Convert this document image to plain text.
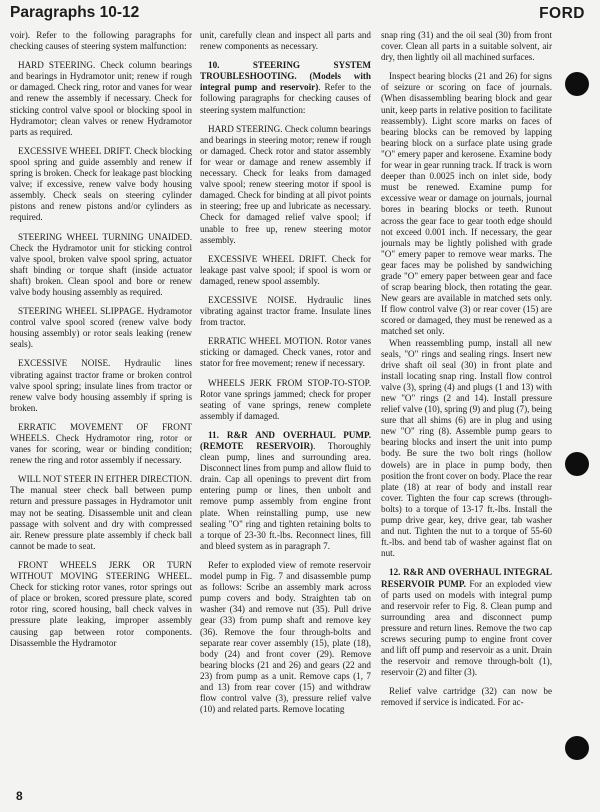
Paragraphs 10-12	FORD

voir). Refer to the following paragraphs for checking causes of steering system malfunction:

HARD STEERING. Check column bearings and bearings in Hydramotor unit; renew if rough or damaged. Check ring, rotor and vanes for wear and renew the assembly if necessary. Check for sticking control valve spool or blocking spool in Hydramotor; clean valves or renew Hydramotor parts as required.

EXCESSIVE WHEEL DRIFT. Check blocking spool spring and guide assembly and renew if spring is broken. Check for leakage past blocking valve; if excessive, renew valve body housing assembly. Check seals on steering cylinder pistons and renew pistons and/or cylinders as required.

STEERING WHEEL TURNING UNAIDED. Check the Hydramotor unit for sticking control valve spool, broken valve spool spring, actuator shaft binding or torque shaft (inside actuator shaft) broken. Clean spool and bore or renew valve body housing assembly as required.

STEERING WHEEL SLIPPAGE. Hydramotor control valve spool scored (renew valve body housing assembly) or rotor seals leaking (renew seals).

EXCESSIVE NOISE. Hydraulic lines vibrating against tractor frame or broken control valve spool spring; insulate lines from tractor or renew valve body housing assembly if spring is broken.

ERRATIC MOVEMENT OF FRONT WHEELS. Check Hydramotor ring, rotor or vanes for scoring, wear or binding condition; renew the ring and rotor assembly if necessary.

WILL NOT STEER IN EITHER DIRECTION. The manual steer check ball between pump return and pressure passages in Hydramotor unit may not be seating. Disassemble unit and clean passage with solvent and dry with compressed air. Renew pressure plate assembly if check ball cannot be made to seat.

FRONT WHEELS JERK OR TURN WITHOUT MOVING STEERING WHEEL. Check for sticking rotor vanes, rotor springs out of place or broken, scored pressure plate, scored rotor ring, scored housing, ball check valves in pressure plate leaking, improper assembly causing gap between rotor components. Disassemble the Hydramotor

unit, carefully clean and inspect all parts and renew components as necessary.

10. STEERING SYSTEM TROUBLESHOOTING. (Models with integral pump and reservoir). Refer to the following paragraphs for checking causes of steering system malfunction:

HARD STEERING. Check column bearings and bearings in steering motor; renew if rough or damaged. Check rotor and stator assembly for wear or damage and renew assembly if necessary. Check for leaks from damaged valve spool; renew steering motor if spool is damaged. Check for binding at all pivot points in steering; free up and lubricate as necessary. Check for damaged relief valve spool; if unable to free up, renew steering motor assembly.

EXCESSIVE WHEEL DRIFT. Check for leakage past valve spool; if spool is worn or damaged, renew spool assembly.

EXCESSIVE NOISE. Hydraulic lines vibrating against tractor frame. Insulate lines from tractor.

ERRATIC WHEEL MOTION. Rotor vanes sticking or damaged. Check vanes, rotor and stator for free movement; renew if necessary.

WHEELS JERK FROM STOP-TO-STOP. Rotor vane springs jammed; check for proper seating of vane springs, renew complete assembly if damaged.

11. R&R AND OVERHAUL PUMP. (REMOTE RESERVOIR). Thoroughly clean pump, lines and surrounding area. Disconnect lines from pump and allow fluid to drain. Cap all openings to prevent dirt from entering pump or lines, then unbolt and remove pump assembly from engine front plate. When reinstalling pump, use new sealing "O" ring and tighten retaining bolts to a torque of 23-30 ft.-lbs. Reconnect lines, fill and bleed system as in paragraph 7.

Refer to exploded view of remote reservoir model pump in Fig. 7 and disassemble pump as follows: Scribe an assembly mark across pump covers and body. Straighten tab on washer (34) and remove nut (35). Pull drive gear (33) from pump shaft and remove key (36). Remove the four through-bolts and separate rear cover assembly (15), plate (18), body (24) and front cover (29). Remove bearing blocks (21 and 26) and gears (22 and 23) from pump as a unit. Remove caps (1, 7 and 13) from rear cover (15) and withdraw flow control valve (3), pressure relief valve (10) and related parts. Remove locating

snap ring (31) and the oil seal (30) from front cover. Clean all parts in a suitable solvent, air dry, then lightly oil all machined surfaces.

Inspect bearing blocks (21 and 26) for signs of seizure or scoring on face of journals. (When disassembling bearing block and gear unit, keep parts in relative position to facilitate reassembly). Light score marks on faces of bearing blocks can be removed by lapping bearing block on a surface plate using grade "O" emery paper and kerosene. Examine body for wear in gear running track. If track is worn deeper than 0.0025 inch on inlet side, body must be renewed. Examine pump for excessive wear or damage on journals, journal bores in bearing blocks or teeth. Runout across the gear face to gear tooth edge should not exceed 0.001 inch. If necessary, the gear journals may be lightly polished with grade "O" emery paper to remove wear marks. The gear faces may be polished by sandwiching grade "O" emery paper between gear and face of scrap bearing block, then rotating the gear. New gears are available in matched sets only. If flow control valve (3) or rear cover (15) are scored or damaged, they must be renewed as a matched set only.

When reassembling pump, install all new seals, "O" rings and sealing rings. Insert new drive shaft oil seal (30) in front plate and install locating snap ring. Install flow control valve (3), spring (4) and plugs (1 and 13) with new "O" rings (2 and 14). Install pressure relief valve (10), spring (9) and plug (7), being sure that all shims (6) are in plug and using new "O" ring (8). Assemble pump gears to bearing blocks and insert the unit into pump body. Be sure the two bolt rings (hollow dowels) are in place in pump body, then position the front cover on body. Place the rear plate (18) at rear of body and install rear cover. Tighten the four cap screws (through-bolts) to a torque of 13-17 ft.-lbs. Install the pump drive gear, key, drive gear, tab washer and nut. Tighten the nut to a torque of 55-60 ft.-lbs. and bend tab of washer against flat on nut.

12. R&R AND OVERHAUL INTEGRAL RESERVOIR PUMP. For an exploded view of parts used on models with integral pump and reservoir refer to Fig. 8. Clean pump and surrounding area and disconnect pump pressure and return lines. Remove the two cap screws securing pump to engine front cover and lift off pump and reservoir as a unit. Drain the reservoir and remove through-bolt (1), reservoir (2) and filter (3).

Relief valve cartridge (32) can now be removed if service is indicated. For ac-

8
